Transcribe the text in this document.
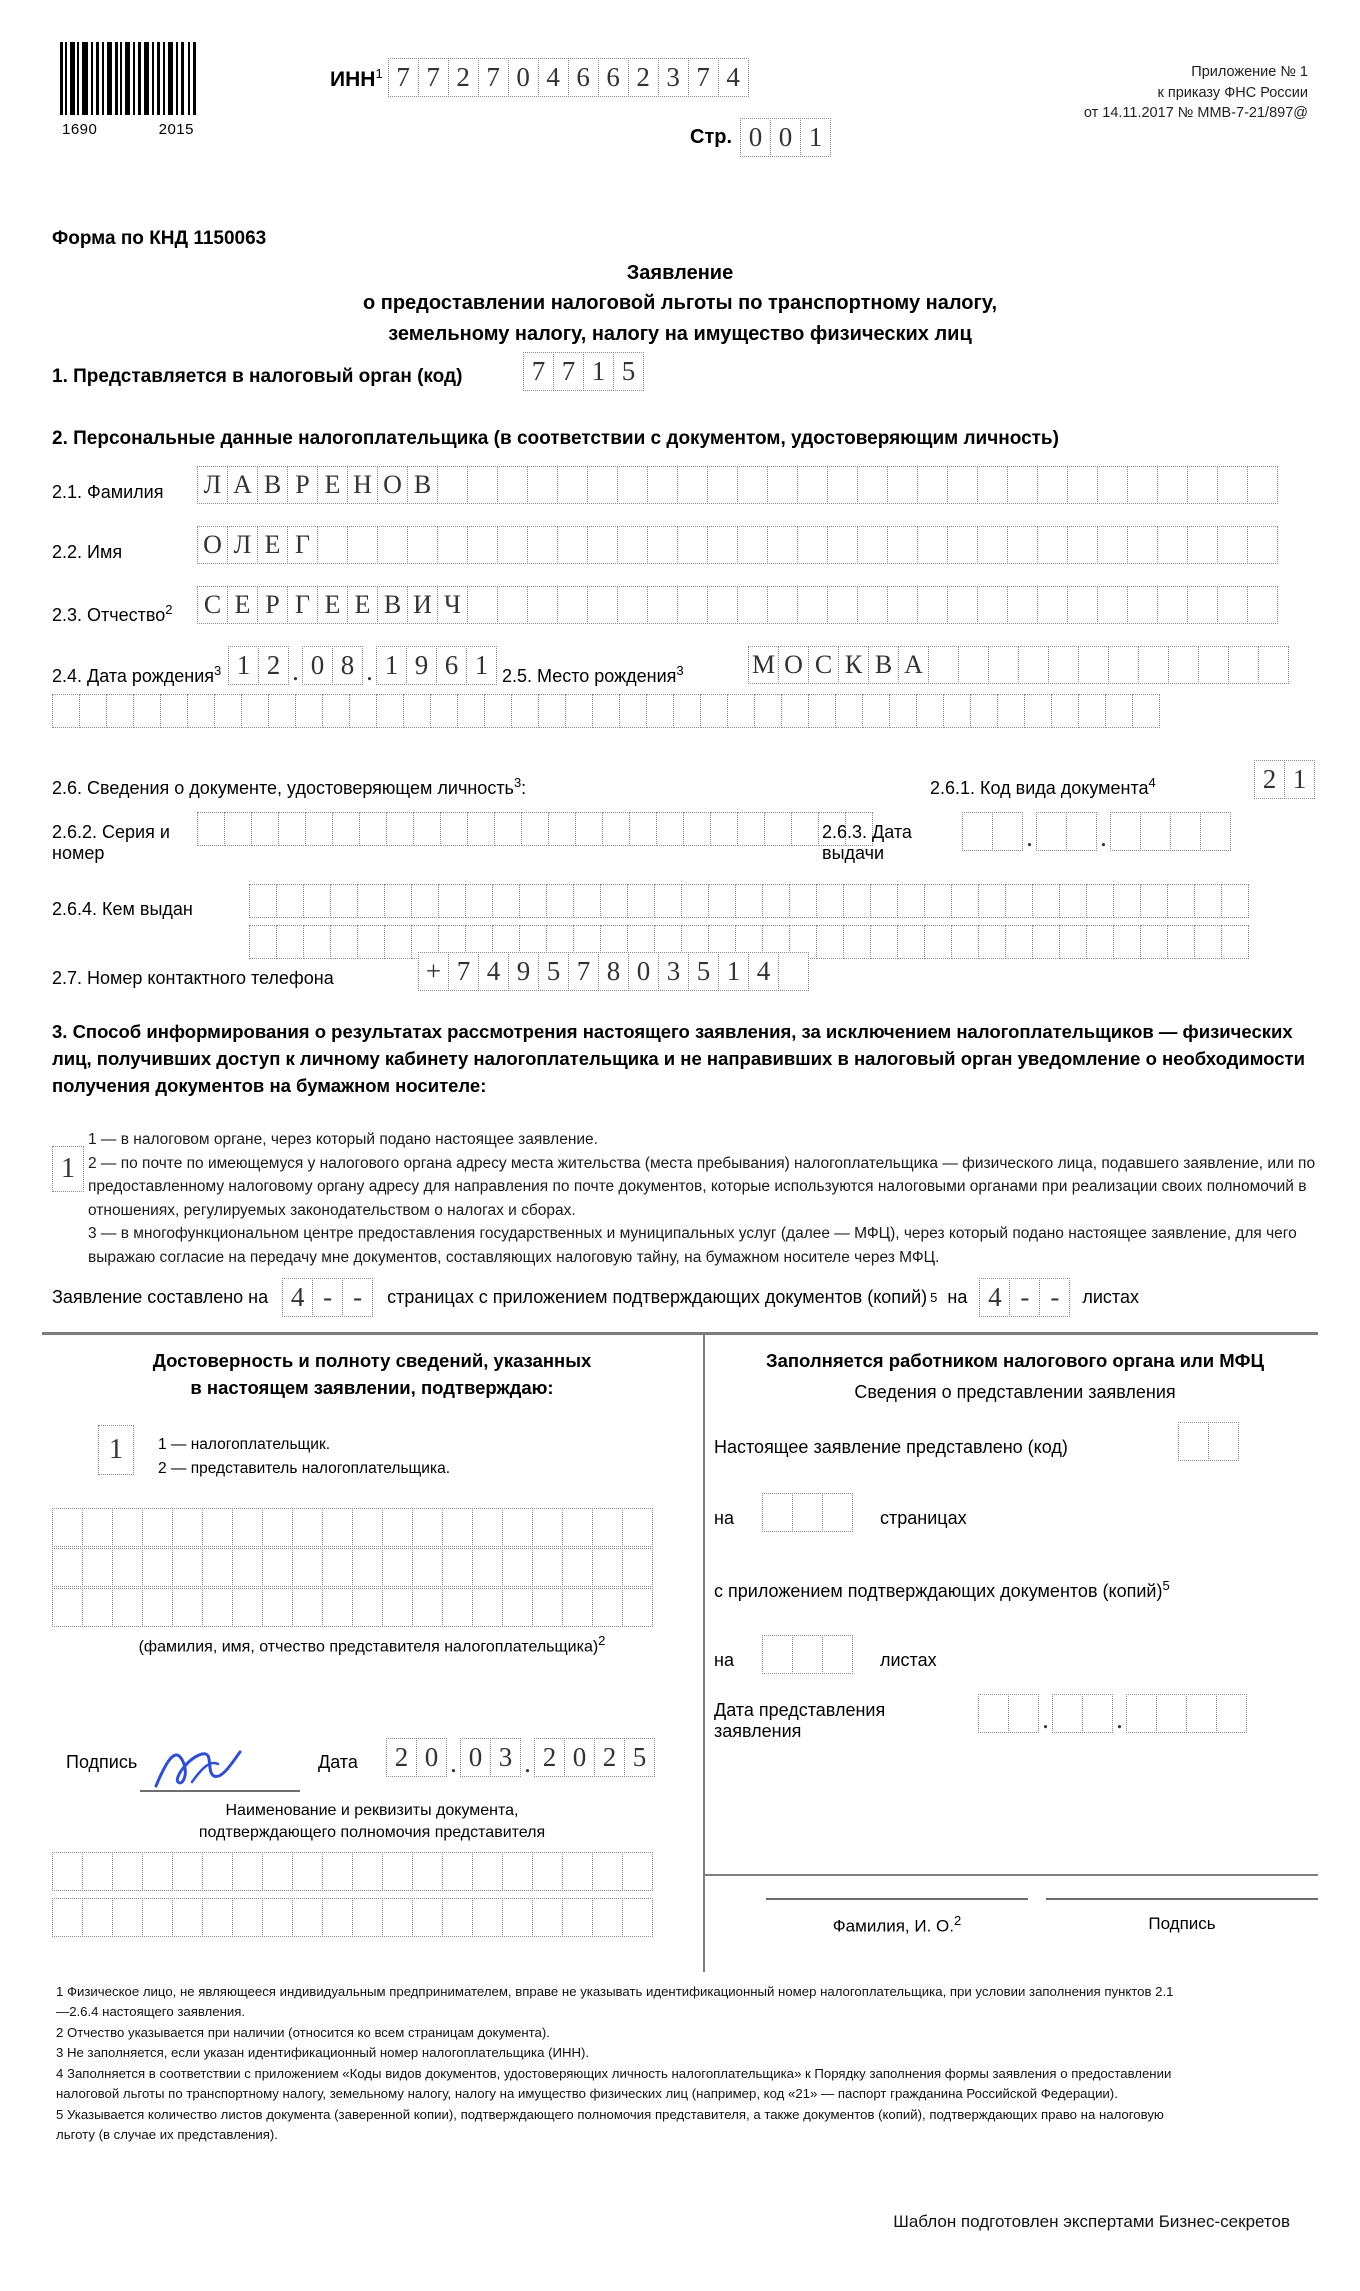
1690	2015
ИНН$^1$ 7 7 2 7 0 4 6 6 2 3 7 4
Стр. 0 0 1
Приложение № 1
к приказу ФНС России
от 14.11.2017 № ММВ-7-21/897@
Форма по КНД 1150063
Заявление
о предоставлении налоговой льготы по транспортному налогу,
земельному налогу, налогу на имущество физических лиц
1. Представляется в налоговый орган (код)	7 7 1 5
2. Персональные данные налогоплательщика (в соответствии с документом, удостоверяющим личность)
2.1. Фамилия Л А В Р Е Н О В
2.2. Имя	О Л Е Г
2.3. Отчество$^2$ С Е Р Г Е Е В И Ч
2.4. Дата рождения$^3$ 1 2 . 0 8 . 1 9 6 1 2.5. Место рождения$^3$	М О С К В А
2.6. Сведения о документе, удостоверяющем личность$^3$:	2.6.1. Код вида документа$^4$	2 1
2.6.2. Серия и
номер
2.6.3. Дата
выдачи
. .
2.6.4. Кем выдан
2.7. Номер контактного телефона	+ 7 4 9 5 7 8 0 3 5 1 4
3. Способ информирования о результатах рассмотрения настоящего заявления, за исключением налогоплательщиков — физических лиц, получивших доступ к личному кабинету налогоплательщика и не направивших в налоговый орган уведомление о необходимости получения документов на бумажном носителе:
1
1 — в налоговом органе, через который подано настоящее заявление.
2 — по почте по имеющемуся у налогового органа адресу места жительства (места пребывания) налогоплательщика — физического лица, подавшего заявление, или по предоставленному налоговому органу адресу для направления по почте документов, которые используются налоговыми органами при реализации своих полномочий в отношениях, регулируемых законодательством о налогах и сборах.
3 — в многофункциональном центре предоставления государственных и муниципальных услуг (далее — МФЦ), через который подано настоящее заявление, для чего выражаю согласие на передачу мне документов, составляющих налоговую тайну, на бумажном носителе через МФЦ.
Заявление составлено на 4 - -	страницах с приложением подтверждающих документов (копий) 5 на 4 - -	листах
Достоверность и полноту сведений, указанных
в настоящем заявлении, подтверждаю:
1	1 — налогоплательщик.
2 — представитель налогоплательщика.
(фамилия, имя, отчество представителя налогоплательщика)$^2$
Подпись	Дата	2 0 . 0 3 . 2 0 2 5
Наименование и реквизиты документа,
подтверждающего полномочия представителя
Заполняется работником налогового органа или МФЦ
Сведения о представлении заявления
Настоящее заявление представлено (код)
на	страницах
с приложением подтверждающих документов (копий)$^5$
на	листах
Дата представления
заявления	. .
Фамилия, И. О.$^2$	Подпись

1 Физическое лицо, не являющееся индивидуальным предпринимателем, вправе не указывать идентификационный номер налогоплательщика, при условии заполнения пунктов 2.1—2.6.4 настоящего заявления.

2 Отчество указывается при наличии (относится ко всем страницам документа).

3 Не заполняется, если указан идентификационный номер налогоплательщика (ИНН).

4 Заполняется в соответствии с приложением «Коды видов документов, удостоверяющих личность налогоплательщика» к Порядку заполнения формы заявления о предоставлении налоговой льготы по транспортному налогу, земельному налогу, налогу на имущество физических лиц (например, код «21» — паспорт гражданина Российской Федерации).

5 Указывается количество листов документа (заверенной копии), подтверждающего полномочия представителя, а также документов (копий), подтверждающих право на налоговую льготу (в случае их представления).

Шаблон подготовлен экспертами Бизнес-секретов
